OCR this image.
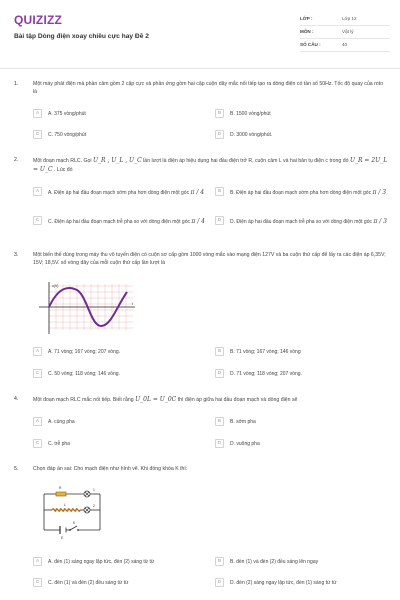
QUIZIZZ
Bài tập Dòng điện xoay chiều cực hay Đề 2
LỚP :	Lớp 12
MÔN :	Vật lý
SỐ CÂU :	40
1.	Một máy phát điện mà phần cảm gồm 2 cặp cực và phần ứng gồm hai cặp cuộn dây mắc nối tiếp tạo ra dòng điện có tần số 50Hz. Tốc độ quay của roto là
A	A. 375 vòng/phút	B	B. 1500 vòng/phút
C	C. 750 vòng/phút	D	D. 3000 vòng/phút.
2.	Một đoạn mạch RLC. Gọi U_R , U_L , U_C lần lượt là điện áp hiệu dụng hai đầu điện trở R, cuộn cảm L và hai bản tụ điện c trong đó U_R = 2U_L = U_C . Lúc đó
A	A. Điện áp hai đầu đoạn mạch sớm pha hơn dòng điện một góc π / 4	B	B. Điện áp hai đầu đoạn mạch sớm pha hơn dòng điện một góc π / 3
C	C. Điện áp hai đầu đoạn mạch trễ pha so với dòng điện một góc π / 4	D	D. Điện áp hai đầu đoạn mạch trễ pha so với dòng điện một góc π / 3
3.	Một biến thế dùng trong máy thu vô tuyến điện có cuộn sơ cấp gồm 1000 vòng mắc vào mạng điện 127V và ba cuộn thứ cấp để lấy ra các điện áp 6,35V; 15V; 18,5V. số vòng dây của mỗi cuộn thứ cấp lần lượt là
u(V)
t
A	A. 71 vòng; 167 vòng; 207 vòng.	B	B. 71 vòng; 167 vòng; 146 vòng
C	C. 50 vòng; 118 vòng; 146 vòng.	D	D. 71 vòng; 118 vòng; 207 vòng.
4.	Một đoạn mạch RLC mắc nối tiếp. Biết rằng U_0L = U_0C thì điện áp giữa hai đầu đoạn mạch và dòng điện sẽ
A	A. cùng pha	B	B. sớm pha
C	C. trễ pha	D	D. vuông pha
5.	Chọn đáp án sai: Cho mạch điện như hình vẽ. Khi đóng khóa K thì:
R
L
1
2
E
K
A	A. đèn (1) sáng ngay lập tức, đèn (2) sáng từ từ	B	B. đèn (1) và đèn (2) đều sáng lên ngay
C	C. đèn (1) và đèn (2) đều sáng từ từ	D	D. đèn (2) sáng ngay lập tức, đèn (1) sáng từ từ
